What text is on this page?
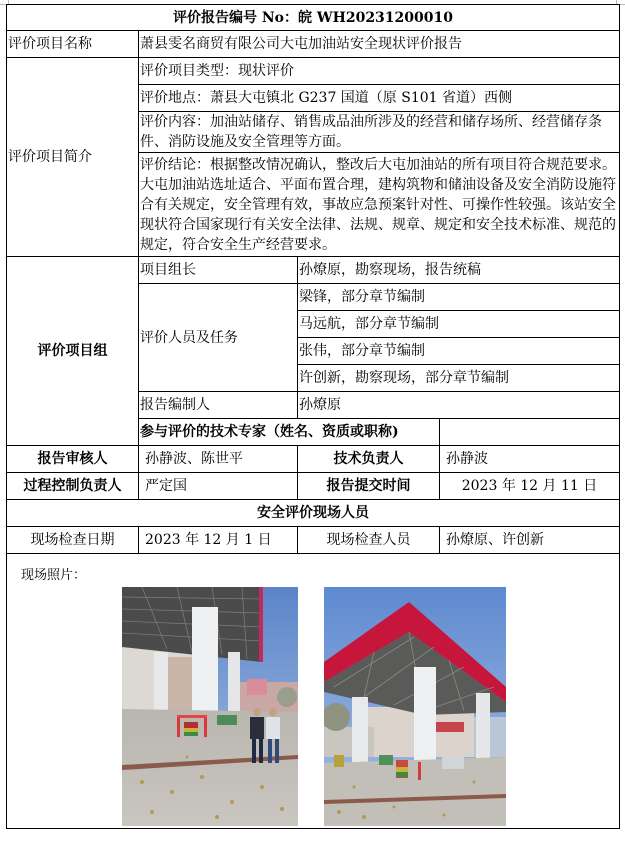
评价报告编号 No：皖 WH20231200010			
评价项目名称	萧县雯名商贸有限公司大屯加油站安全现状评价报告		
评价项目简介	评价项目类型：现状评价		
	评价地点：萧县大屯镇北 G237 国道（原 S101 省道）西侧		
	评价内容：加油站储存、销售成品油所涉及的经营和储存场所、经营储存条件、消防设施及安全管理等方面。		
	评价结论：根据整改情况确认，整改后大屯加油站的所有项目符合规范要求。大屯加油站选址适合、平面布置合理，建构筑物和储油设备及安全消防设施符合有关规定，安全管理有效，事故应急预案针对性、可操作性较强。该站安全现状符合国家现行有关安全法律、法规、规章、规定和安全技术标准、规范的规定，符合安全生产经营要求。		
评价项目组	项目组长	孙燎原，勘察现场，报告统稿	
	评价人员及任务	梁锋，部分章节编制	
		马远航，部分章节编制	
		张伟，部分章节编制	
		许创新，勘察现场，部分章节编制	
	报告编制人	孙燎原	
	参与评价的技术专家（姓名、资质或职称)		
报告审核人	孙静波、陈世平	技术负责人	孙静波
过程控制负责人	严定国	报告提交时间	2023 年 12 月 11 日
安全评价现场人员			
现场检查日期	2023 年 12 月 1 日	现场检查人员	孙燎原、许创新

现场照片：			
